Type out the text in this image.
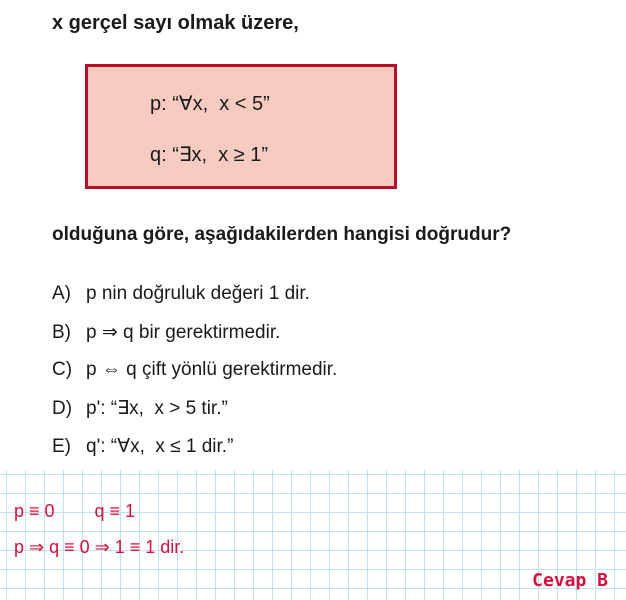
x gerçel sayı olmak üzere,

p: “∀x,  x < 5”
q: “∃x,  x ≥ 1”

olduğuna göre, aşağıdakilerden hangisi doğrudur?

A) p nin doğruluk değeri 1 dir.
B) p ⇒ q bir gerektirmedir.
C) p ⇔ q çift yönlü gerektirmedir.
D) p': “∃x,  x > 5 tir.”
E) q': “∀x,  x ≤ 1 dir.”
p ≡ 0        q ≡ 1
p ⇒ q ≡ 0 ⇒ 1 ≡ 1 dir.
Cevap B
